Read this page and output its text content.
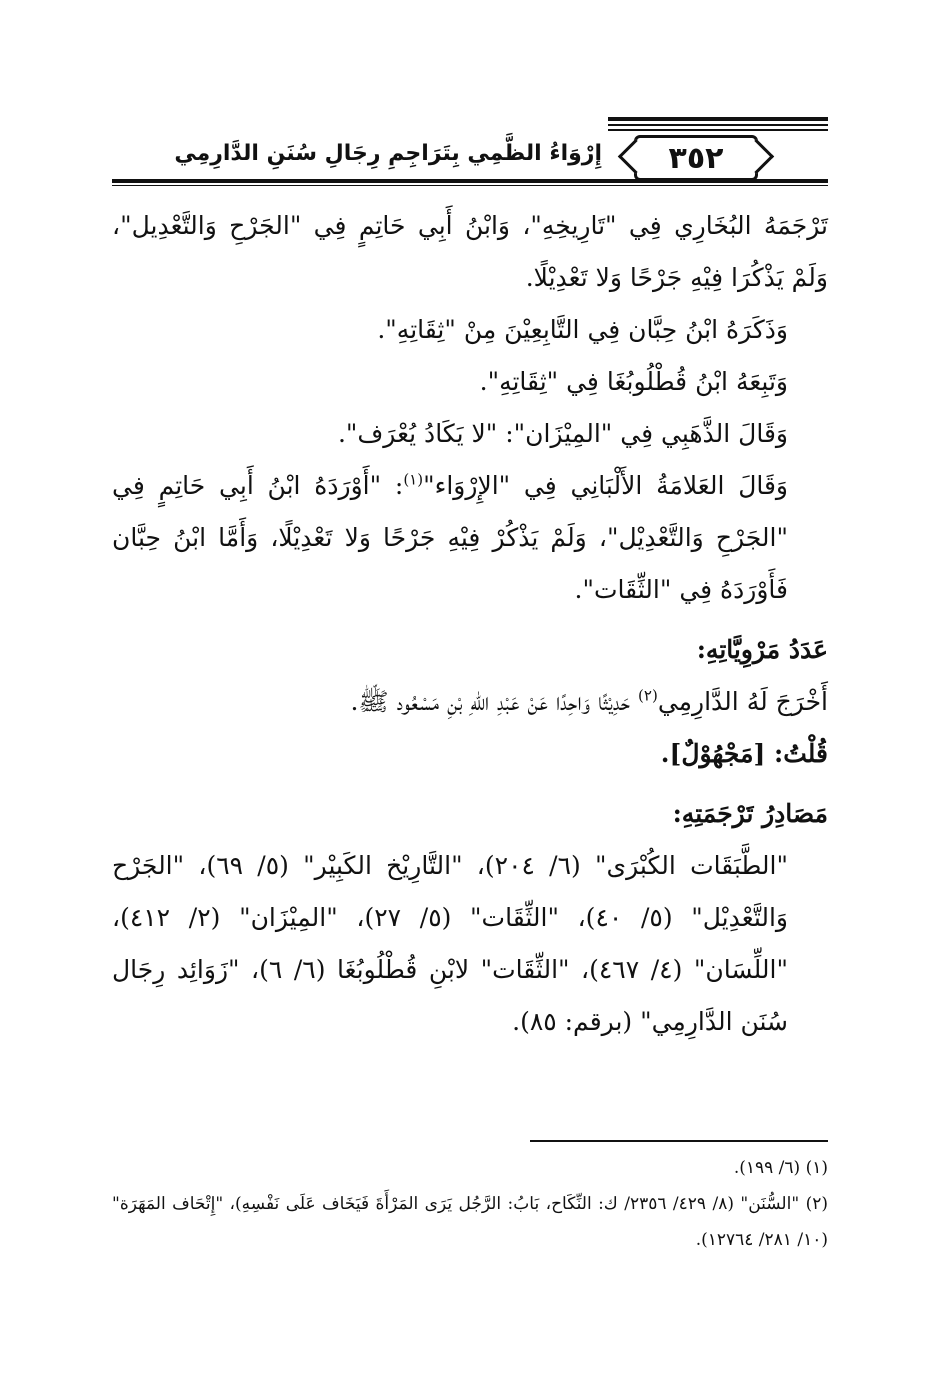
٣٥٢
إِرْوَاءُ الظَّمِي بِتَرَاجِمِ رِجَالِ سُنَنِ الدَّارِمِي

تَرْجَمَهُ البُخَارِي فِي "تَارِيخِهِ"، وَابْنُ أَبِي حَاتِمٍ فِي "الجَرْحِ وَالتَّعْدِيل"، وَلَمْ يَذْكُرَا فِيْهِ جَرْحًا وَلا تَعْدِيْلًا.

وَذَكَرَهُ ابْنُ حِبَّان فِي التَّابِعِيْنَ مِنْ "ثِقَاتِهِ".

وَتَبِعَهُ ابْنُ قُطْلُوبُغَا فِي "ثِقَاتِهِ".

وَقَالَ الذَّهَبِي فِي "المِيْزَان": "لا يَكَادُ يُعْرَف".

وَقَالَ العَلامَةُ الأَلْبَانِي فِي "الإِرْوَاء"$^{(١)}$: "أَوْرَدَهُ ابْنُ أَبِي حَاتِمٍ فِي "الجَرْحِ وَالتَّعْدِيْل"، وَلَمْ يَذْكُرْ فِيْهِ جَرْحًا وَلا تَعْدِيْلًا، وَأَمَّا ابْنُ حِبَّان فَأَوْرَدَهُ فِي "الثِّقَات".

عَدَدُ مَرْوِيَّاتِهِ:

أَخْرَجَ لَهُ الدَّارِمِي$^{(٢)}$ حَدِيْثًا وَاحِدًا عَنْ عَبْدِ اللهِ بْنِ مَسْعُود ﷺ.

قُلْتُ: [مَجْهُوْلٌ].

مَصَادِرُ تَرْجَمَتِهِ:

"الطَّبَقَات الكُبْرَى" (٦/ ٢٠٤)، "التَّارِيْخ الكَبِيْر" (٥/ ٦٩)، "الجَرْح وَالتَّعْدِيْل" (٥/ ٤٠)، "الثِّقَات" (٥/ ٢٧)، "المِيْزَان" (٢/ ٤١٢)، "اللِّسَان" (٤/ ٤٦٧)، "الثِّقَات" لابْنِ قُطْلُوبُغَا (٦/ ٦)، "زَوَائِد رِجَال سُنَن الدَّارِمِي" (برقم: ٨٥).

(١) (٦/ ١٩٩).

(٢) "السُّنَن" (٨/ ٤٢٩/ ٢٣٥٦/ ك: النِّكَاح، بَابُ: الرَّجُل يَرَى المَرْأَةَ فَيَخَاف عَلَى نَفْسِهِ)، "إِتْحَاف المَهَرَة" (١٠/ ٢٨١/ ١٢٧٦٤).
